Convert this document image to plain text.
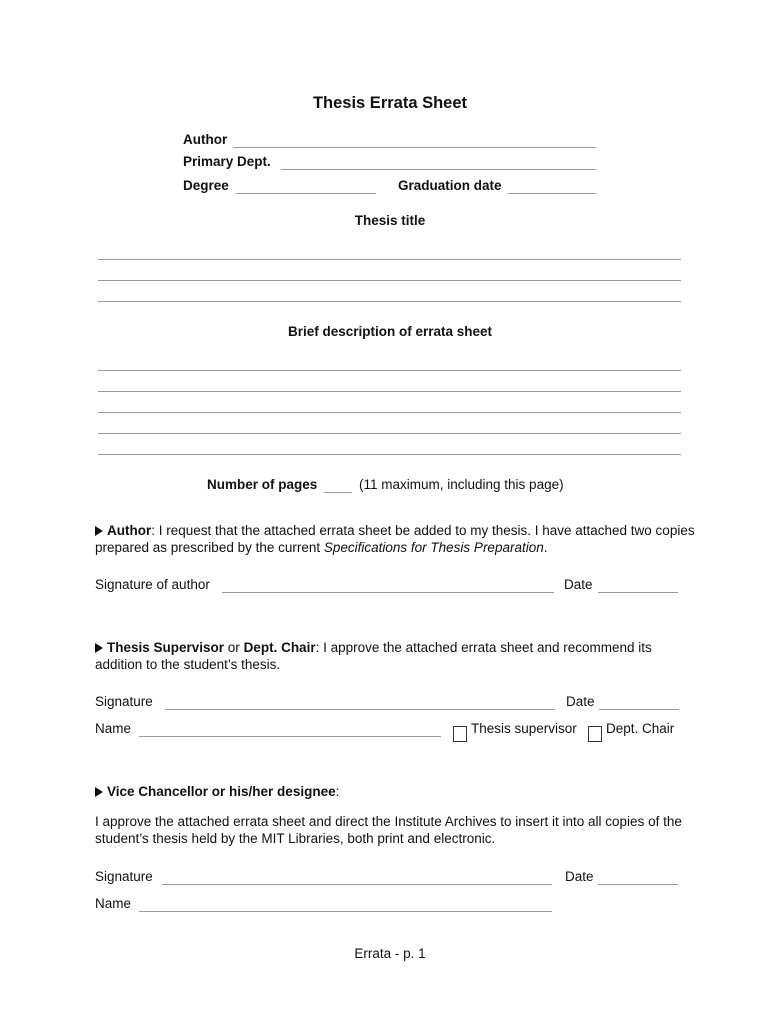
Thesis Errata Sheet
Author
Primary Dept.
Degree	Graduation date
Thesis title
Brief description of errata sheet
Number of pages	(11 maximum, including this page)
Author: I request that the attached errata sheet be added to my thesis. I have attached two copies prepared as prescribed by the current Specifications for Thesis Preparation.
Signature of author	Date
Thesis Supervisor or Dept. Chair: I approve the attached errata sheet and recommend its addition to the student’s thesis.
Signature	Date
Name	Thesis supervisor Dept. Chair
Vice Chancellor or his/her designee:
I approve the attached errata sheet and direct the Institute Archives to insert it into all copies of the student’s thesis held by the MIT Libraries, both print and electronic.
Signature	Date
Name
Errata - p. 1
